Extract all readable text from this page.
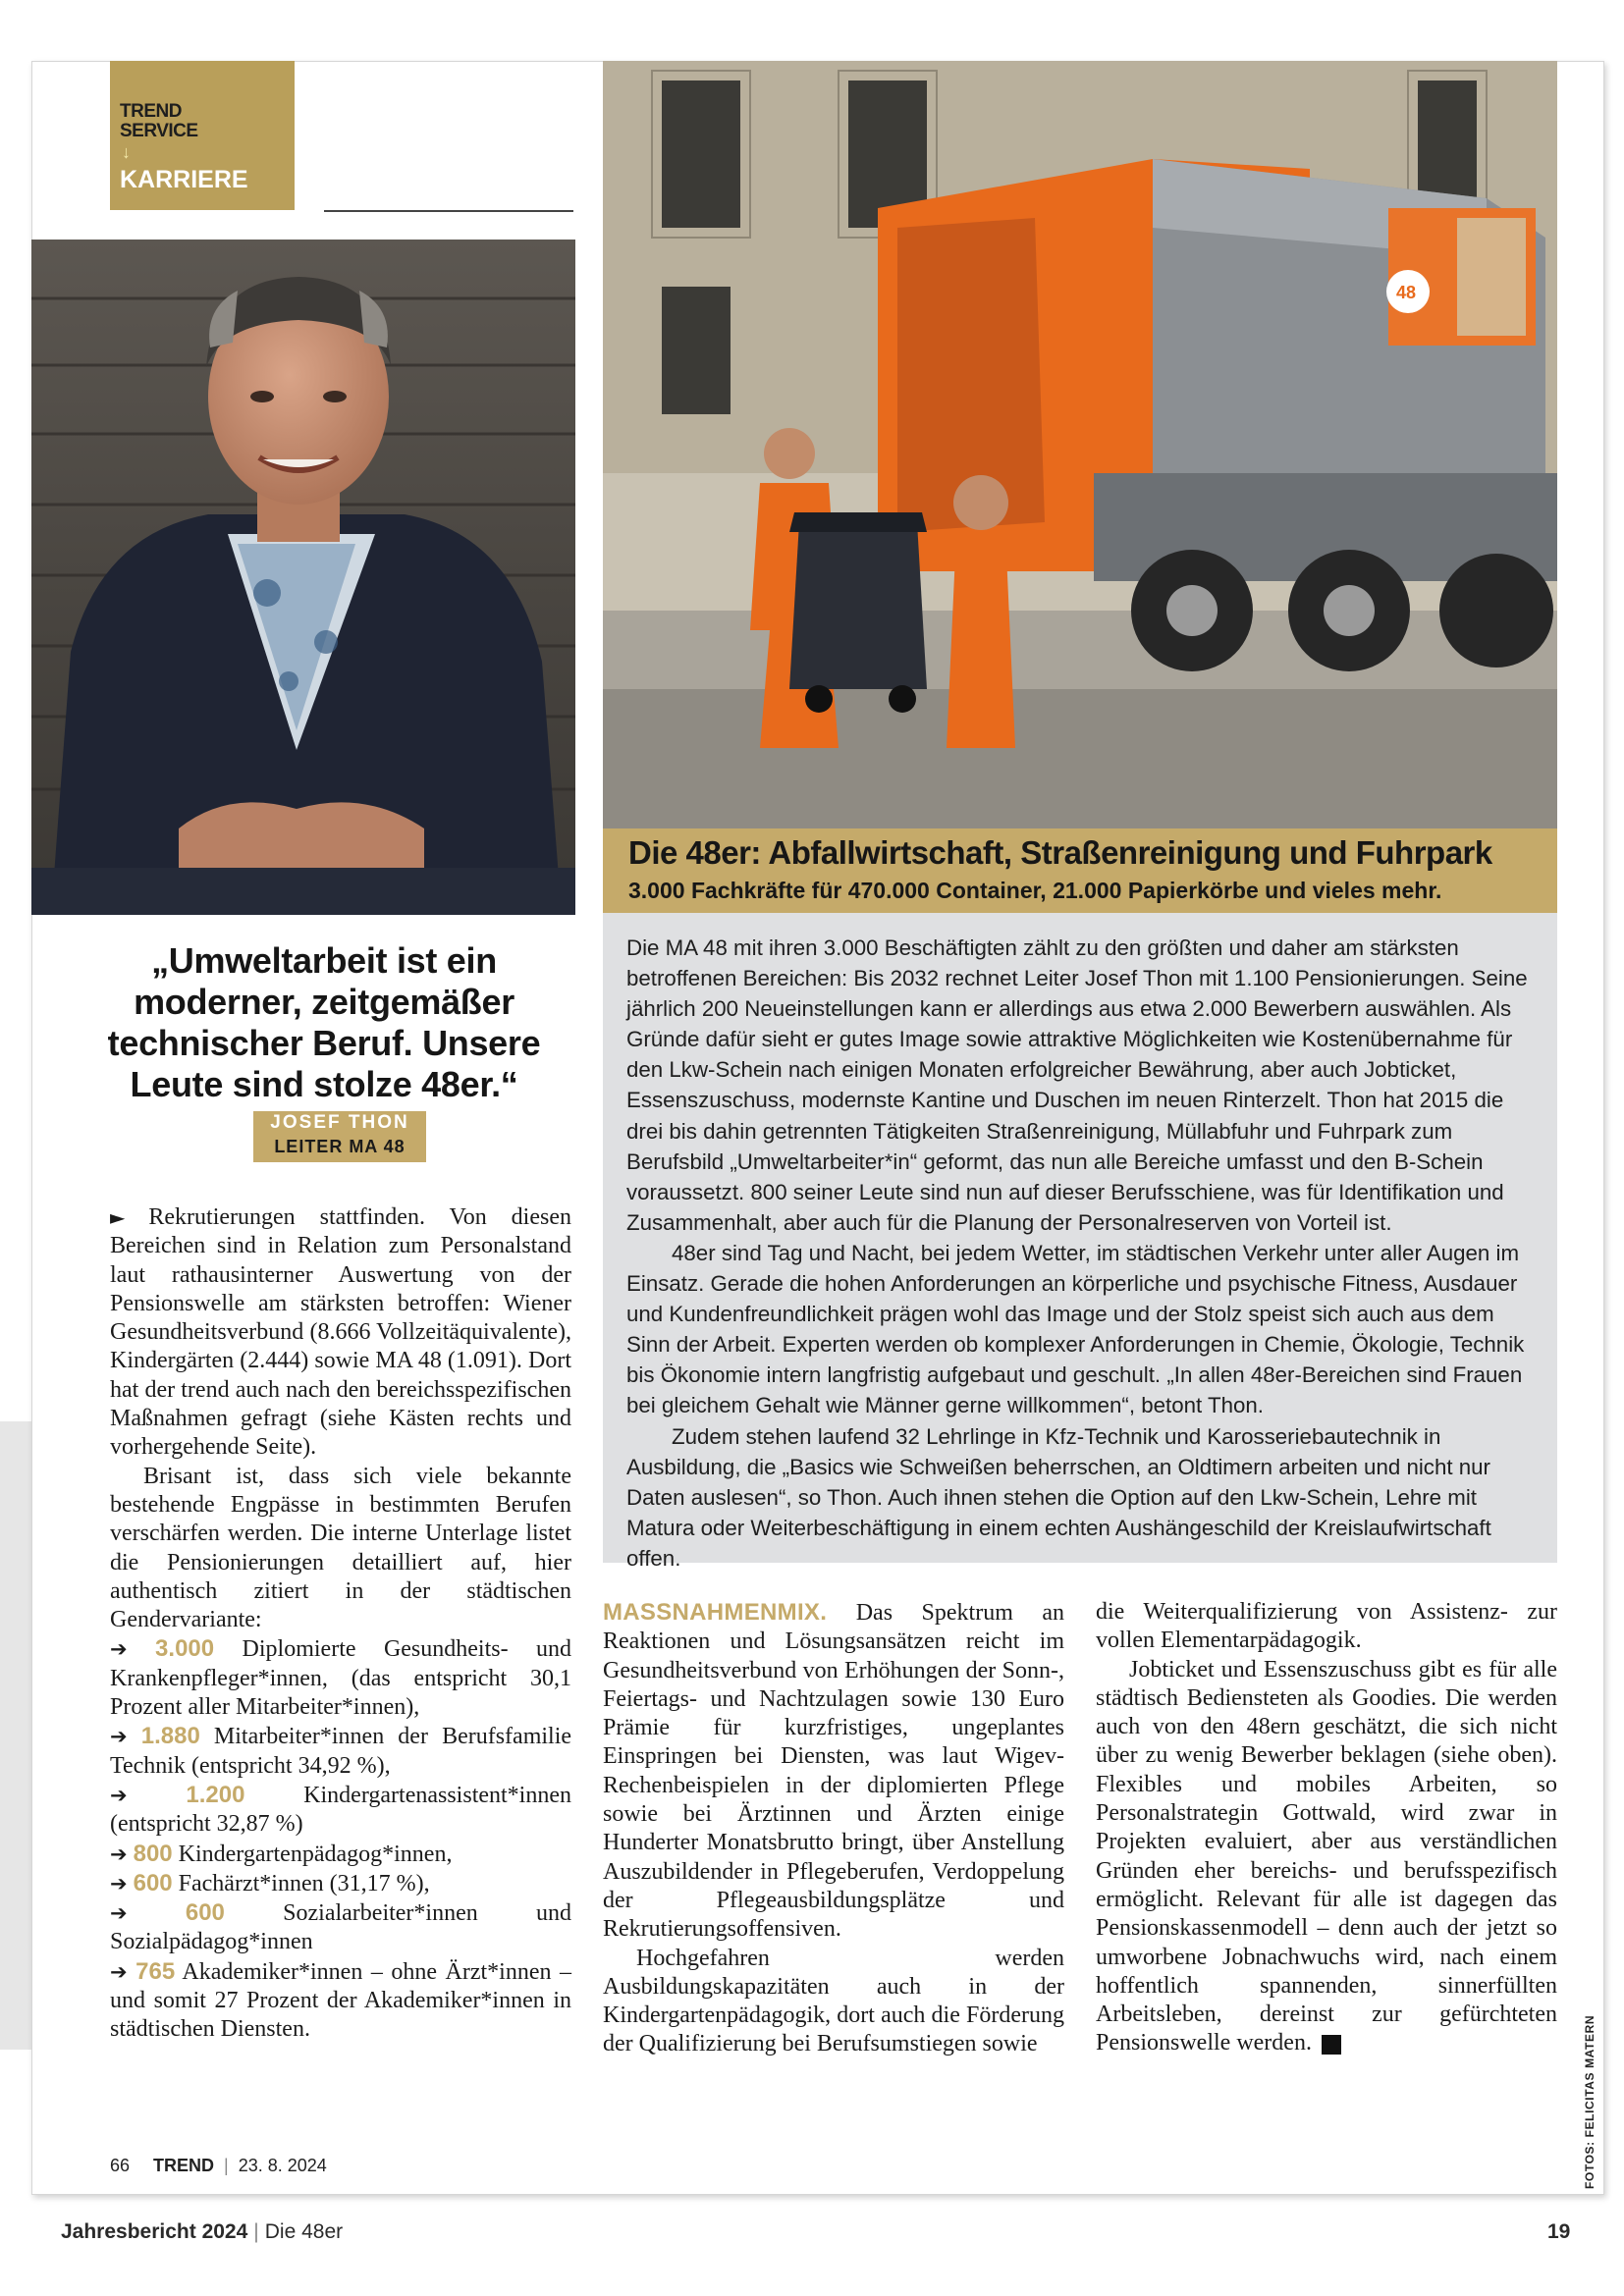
TREND
SERVICE
↓
KARRIERE
48
Die 48er: Abfallwirtschaft, Straßenreinigung und Fuhrpark
3.000 Fachkräfte für 470.000 Container, 21.000 Papierkörbe und vieles mehr.

Die MA 48 mit ihren 3.000 Beschäftigten zählt zu den größten und daher am stärksten betroffenen Bereichen: Bis 2032 rechnet Leiter Josef Thon mit 1.100 Pensionierungen. Seine jährlich 200 Neueinstellungen kann er allerdings aus etwa 2.000 Bewerbern auswählen. Als Gründe dafür sieht er gutes Image sowie attraktive Möglichkeiten wie Kostenübernahme für den Lkw-Schein nach einigen Monaten erfolgreicher Bewährung, aber auch Jobticket, Essenszuschuss, modernste Kantine und Duschen im neuen Rinterzelt. Thon hat 2015 die drei bis dahin getrennten Tätigkeiten Straßenreinigung, Müllabfuhr und Fuhrpark zum Berufsbild „Umweltarbeiter*in“ geformt, das nun alle Bereiche umfasst und den B-Schein voraussetzt. 800 seiner Leute sind nun auf dieser Berufsschiene, was für Identifikation und Zusammenhalt, aber auch für die Planung der Personalreserven von Vorteil ist.

48er sind Tag und Nacht, bei jedem Wetter, im städtischen Verkehr unter aller Augen im Einsatz. Gerade die hohen Anforderungen an körperliche und psychische Fitness, Ausdauer und Kundenfreundlichkeit prägen wohl das Image und der Stolz speist sich auch aus dem Sinn der Arbeit. Experten werden ob komplexer Anforderungen in Chemie, Ökologie, Technik bis Ökonomie intern langfristig aufgebaut und geschult. „In allen 48er-Bereichen sind Frauen bei gleichem Gehalt wie Männer gerne willkommen“, betont Thon.

Zudem stehen laufend 32 Lehrlinge in Kfz-Technik und Karosseriebautechnik in Ausbildung, die „Basics wie Schweißen beherrschen, an Oldtimern arbeiten und nicht nur Daten auslesen“, so Thon. Auch ihnen stehen die Option auf den Lkw-Schein, Lehre mit Matura oder Weiterbeschäftigung in einem echten Aushängeschild der Kreislaufwirtschaft offen.

„Umweltarbeit ist ein moderner, zeitgemäßer technischer Beruf. Unsere Leute sind stolze 48er.“
JOSEF THON
LEITER MA 48

► Rekrutierungen stattfinden. Von diesen Bereichen sind in Relation zum Personalstand laut rathausinterner Auswertung von der Pensionswelle am stärksten betroffen: Wiener Gesundheitsverbund (8.666 Vollzeitäquivalente), Kindergärten (2.444) sowie MA 48 (1.091). Dort hat der trend auch nach den bereichsspezifischen Maßnahmen gefragt (siehe Kästen rechts und vorhergehende Seite).

Brisant ist, dass sich viele bekannte bestehende Engpässe in bestimmten Berufen verschärfen werden. Die interne Unterlage listet die Pensionierungen detailliert auf, hier authentisch zitiert in der städtischen Gendervariante:

➔ 3.000 Diplomierte Gesundheits- und Krankenpfleger*innen, (das entspricht 30,1 Prozent aller Mitarbeiter*innen),

➔ 1.880 Mitarbeiter*innen der Berufsfamilie Technik (entspricht 34,92 %),

➔ 1.200 Kindergartenassistent*innen (entspricht 32,87 %)

➔ 800 Kindergartenpädagog*innen,

➔ 600 Fachärzt*innen (31,17 %),

➔ 600 Sozialarbeiter*innen und Sozialpädagog*innen

➔ 765 Akademiker*innen – ohne Ärzt*innen – und somit 27 Prozent der Akademiker*innen in städtischen Diensten.

MASSNAHMENMIX. Das Spektrum an Reaktionen und Lösungsansätzen reicht im Gesundheitsverbund von Erhöhungen der Sonn-, Feiertags- und Nachtzulagen sowie 130 Euro Prämie für kurzfristiges, ungeplantes Einspringen bei Diensten, was laut Wigev-Rechenbeispielen in der diplomierten Pflege sowie bei Ärztinnen und Ärzten einige Hunderter Monatsbrutto bringt, über Anstellung Auszubildender in Pflegeberufen, Verdoppelung der Pflegeausbildungsplätze und Rekrutierungsoffensiven.

Hochgefahren werden Ausbildungskapazitäten auch in der Kindergartenpädagogik, dort auch die Förderung der Qualifizierung bei Berufsumstiegen sowie

die Weiterqualifizierung von Assistenz- zur vollen Elementarpädagogik.

Jobticket und Essenszuschuss gibt es für alle städtisch Bediensteten als Goodies. Die werden auch von den 48ern geschätzt, die sich nicht über zu wenig Bewerber beklagen (siehe oben). Flexibles und mobiles Arbeiten, so Personalstrategin Gottwald, wird zwar in Projekten evaluiert, aber aus verständlichen Gründen eher bereichs- und berufsspezifisch ermöglicht. Relevant für alle ist dagegen das Pensionskassenmodell – denn auch der jetzt so umworbene Jobnachwuchs wird, nach einem hoffentlich spannenden, sinnerfüllten Arbeitsleben, dereinst zur gefürchteten Pensionswelle werden.	T	FOTOS: FELICITAS MATERN
66 TREND | 23. 8. 2024
Jahresbericht 2024 | Die 48er	19
